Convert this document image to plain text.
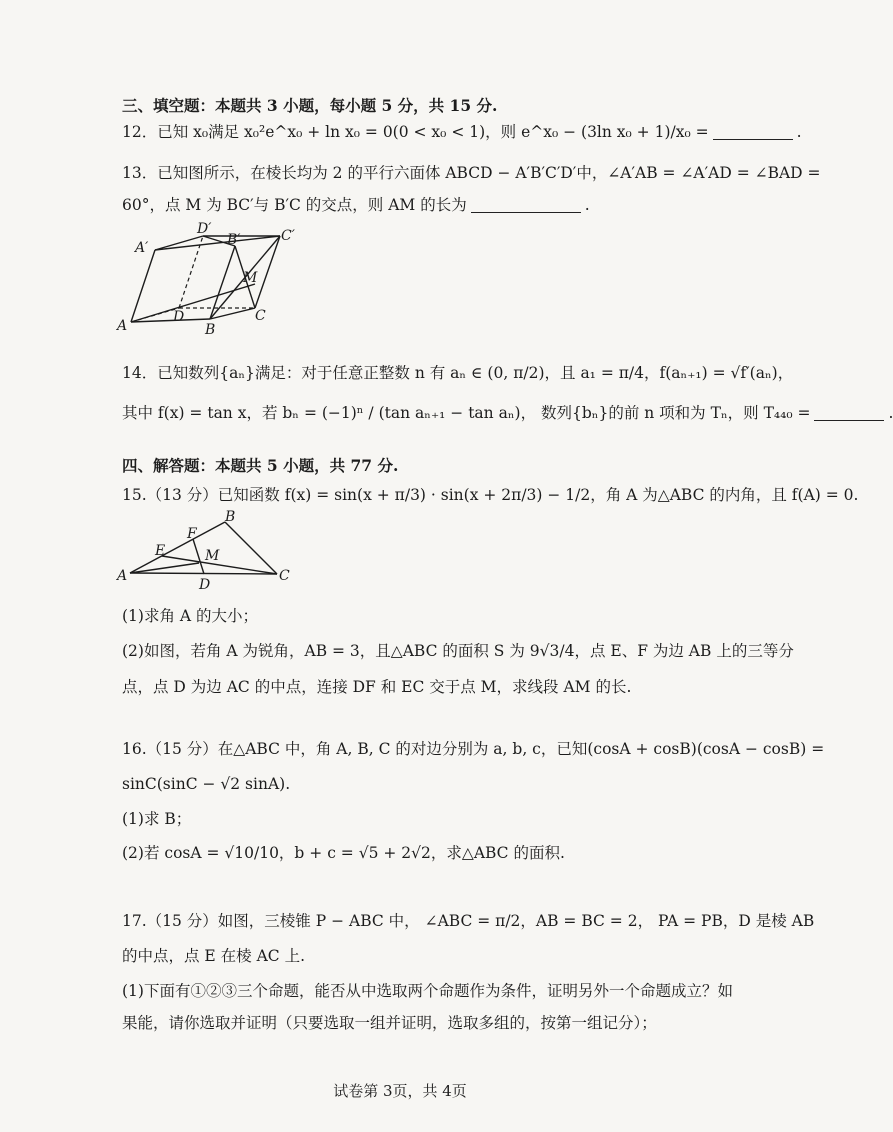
三、填空题：本题共 3 小题，每小题 5 分，共 15 分.
12．已知 x₀满足 x₀²e^x₀ + ln x₀ = 0(0 < x₀ < 1)，则 e^x₀ − (3ln x₀ + 1)/x₀ =	.
13．已知图所示，在棱长均为 2 的平行六面体 ABCD − A′B′C′D′中，∠A′AB = ∠A′AD = ∠BAD =
60°，点 M 为 BC′与 B′C 的交点，则 AM 的长为	.
A′
D′
B′	C′
M
D
A	B
C
14．已知数列{aₙ}满足：对于任意正整数 n 有 aₙ ∈ (0, π/2)，且 a₁ = π/4，f(aₙ₊₁) = √f′(aₙ)，
其中 f(x) = tan x，若 bₙ = (−1)ⁿ / (tan aₙ₊₁ − tan aₙ)， 数列{bₙ}的前 n 项和为 Tₙ，则 T₄₄₀ =	.
四、解答题：本题共 5 小题，共 77 分.
15.（13 分）已知函数 f(x) = sin(x + π/3) · sin(x + 2π/3) − 1/2，角 A 为△ABC 的内角，且 f(A) = 0.
B
F
E	M
A
D
C
(1)求角 A 的大小；
(2)如图，若角 A 为锐角，AB = 3，且△ABC 的面积 S 为 9√3/4，点 E、F 为边 AB 上的三等分
点，点 D 为边 AC 的中点，连接 DF 和 EC 交于点 M，求线段 AM 的长.
16.（15 分）在△ABC 中，角 A, B, C 的对边分别为 a, b, c，已知(cosA + cosB)(cosA − cosB) =
sinC(sinC − √2 sinA).
(1)求 B；
(2)若 cosA = √10/10，b + c = √5 + 2√2，求△ABC 的面积.
17.（15 分）如图，三棱锥 P − ABC 中， ∠ABC = π/2，AB = BC = 2， PA = PB，D 是棱 AB
的中点，点 E 在棱 AC 上.
(1)下面有①②③三个命题，能否从中选取两个命题作为条件，证明另外一个命题成立？如
果能，请你选取并证明（只要选取一组并证明，选取多组的，按第一组记分）；
试卷第 3页，共 4页
